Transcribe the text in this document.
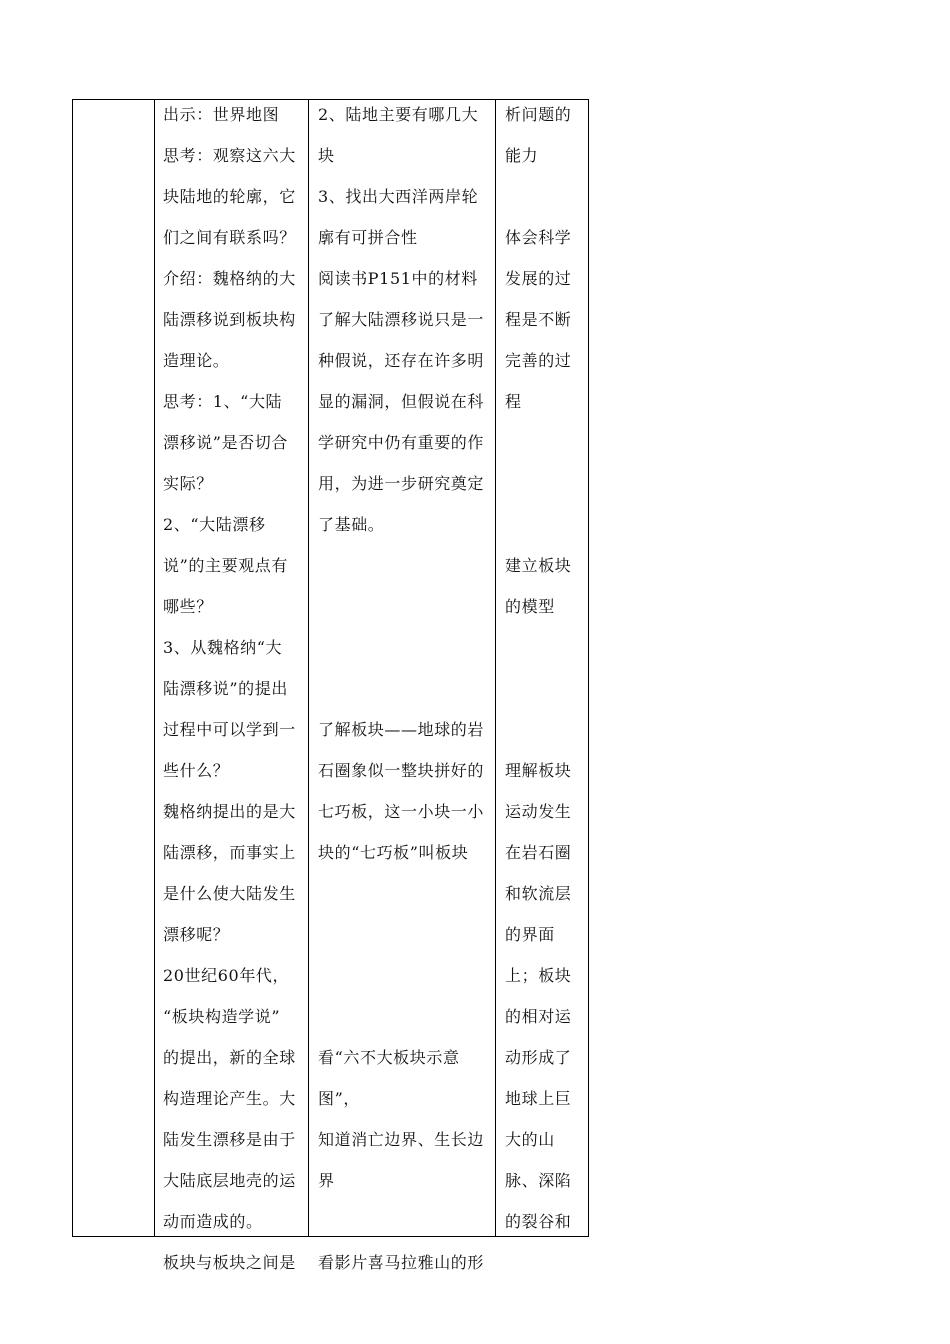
出示：世界地图

思考：观察这六大

块陆地的轮廓，它

们之间有联系吗？

介绍：魏格纳的大

陆漂移说到板块构

造理论。

思考：1、“大陆

漂移说”是否切合

实际？

2、“大陆漂移

说”的主要观点有

哪些？

3、从魏格纳“大

陆漂移说”的提出

过程中可以学到一

些什么？

魏格纳提出的是大

陆漂移，而事实上

是什么使大陆发生

漂移呢？

20世纪60年代，

“板块构造学说”

的提出，新的全球

构造理论产生。大

陆发生漂移是由于

大陆底层地壳的运

动而造成的。

板块与板块之间是

2、陆地主要有哪几大

块

3、找出大西洋两岸轮

廓有可拼合性

阅读书P151中的材料

了解大陆漂移说只是一

种假说，还存在许多明

显的漏洞，但假说在科

学研究中仍有重要的作

用，为进一步研究奠定

了基础。

了解板块——地球的岩

石圈象似一整块拼好的

七巧板，这一小块一小

块的“七巧板”叫板块

看“六不大板块示意

图”，

知道消亡边界、生长边

界

看影片喜马拉雅山的形

析问题的

能力

体会科学

发展的过

程是不断

完善的过

程

建立板块

的模型

理解板块

运动发生

在岩石圈

和软流层

的界面

上；板块

的相对运

动形成了

地球上巨

大的山

脉、深陷

的裂谷和
